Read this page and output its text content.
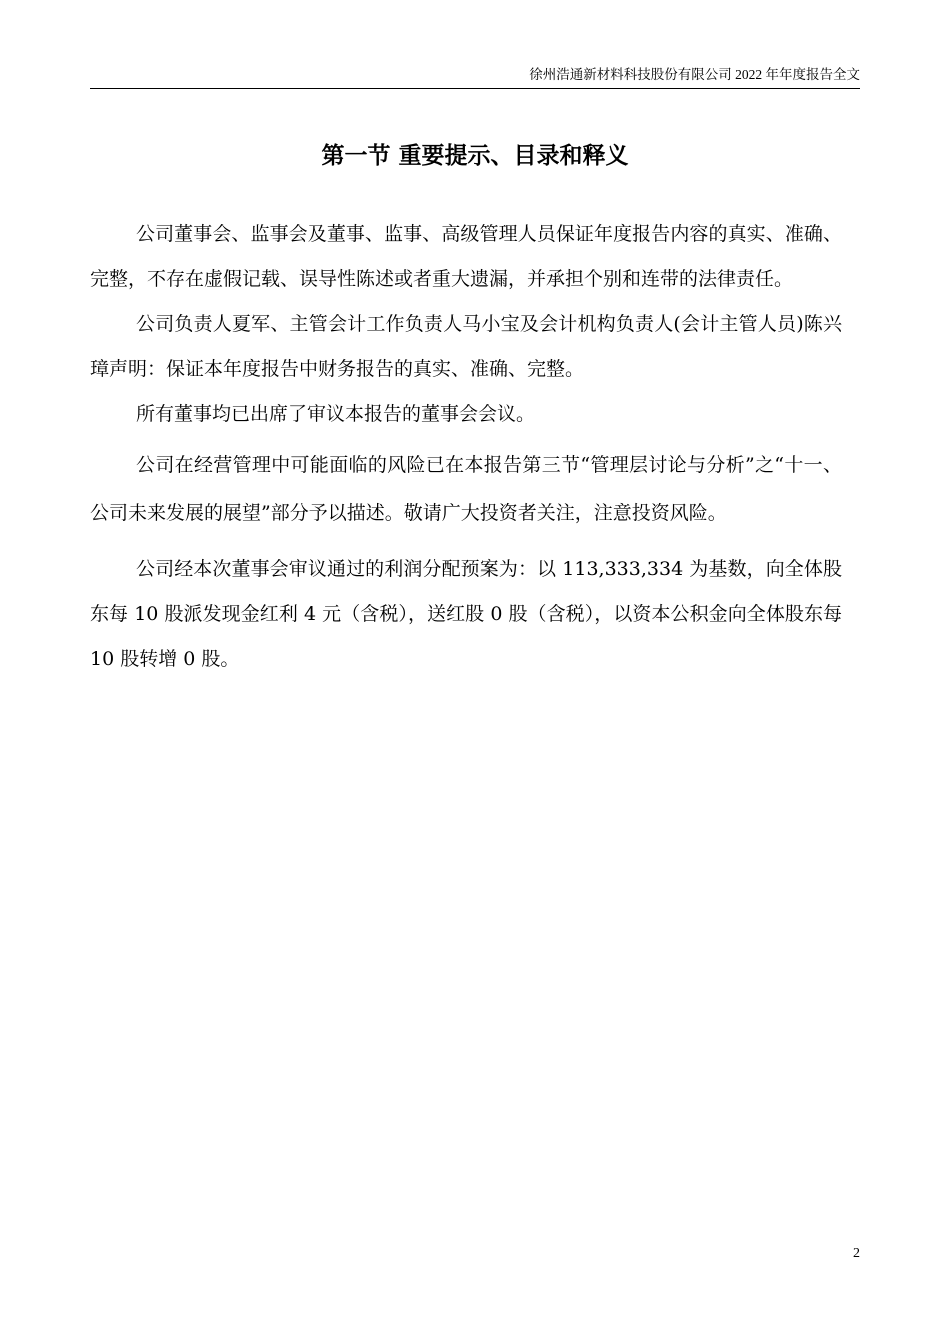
徐州浩通新材料科技股份有限公司 2022 年年度报告全文
第一节 重要提示、目录和释义

公司董事会、监事会及董事、监事、高级管理人员保证年度报告内容的真实、准确、完整，不存在虚假记载、误导性陈述或者重大遗漏，并承担个别和连带的法律责任。

公司负责人夏军、主管会计工作负责人马小宝及会计机构负责人(会计主管人员)陈兴璋声明：保证本年度报告中财务报告的真实、准确、完整。

所有董事均已出席了审议本报告的董事会会议。

公司在经营管理中可能面临的风险已在本报告第三节“管理层讨论与分析”之“十一、公司未来发展的展望”部分予以描述。敬请广大投资者关注，注意投资风险。

公司经本次董事会审议通过的利润分配预案为：以 113,333,334 为基数，向全体股东每 10 股派发现金红利 4 元（含税），送红股 0 股（含税），以资本公积金向全体股东每 10 股转增 0 股。

2
